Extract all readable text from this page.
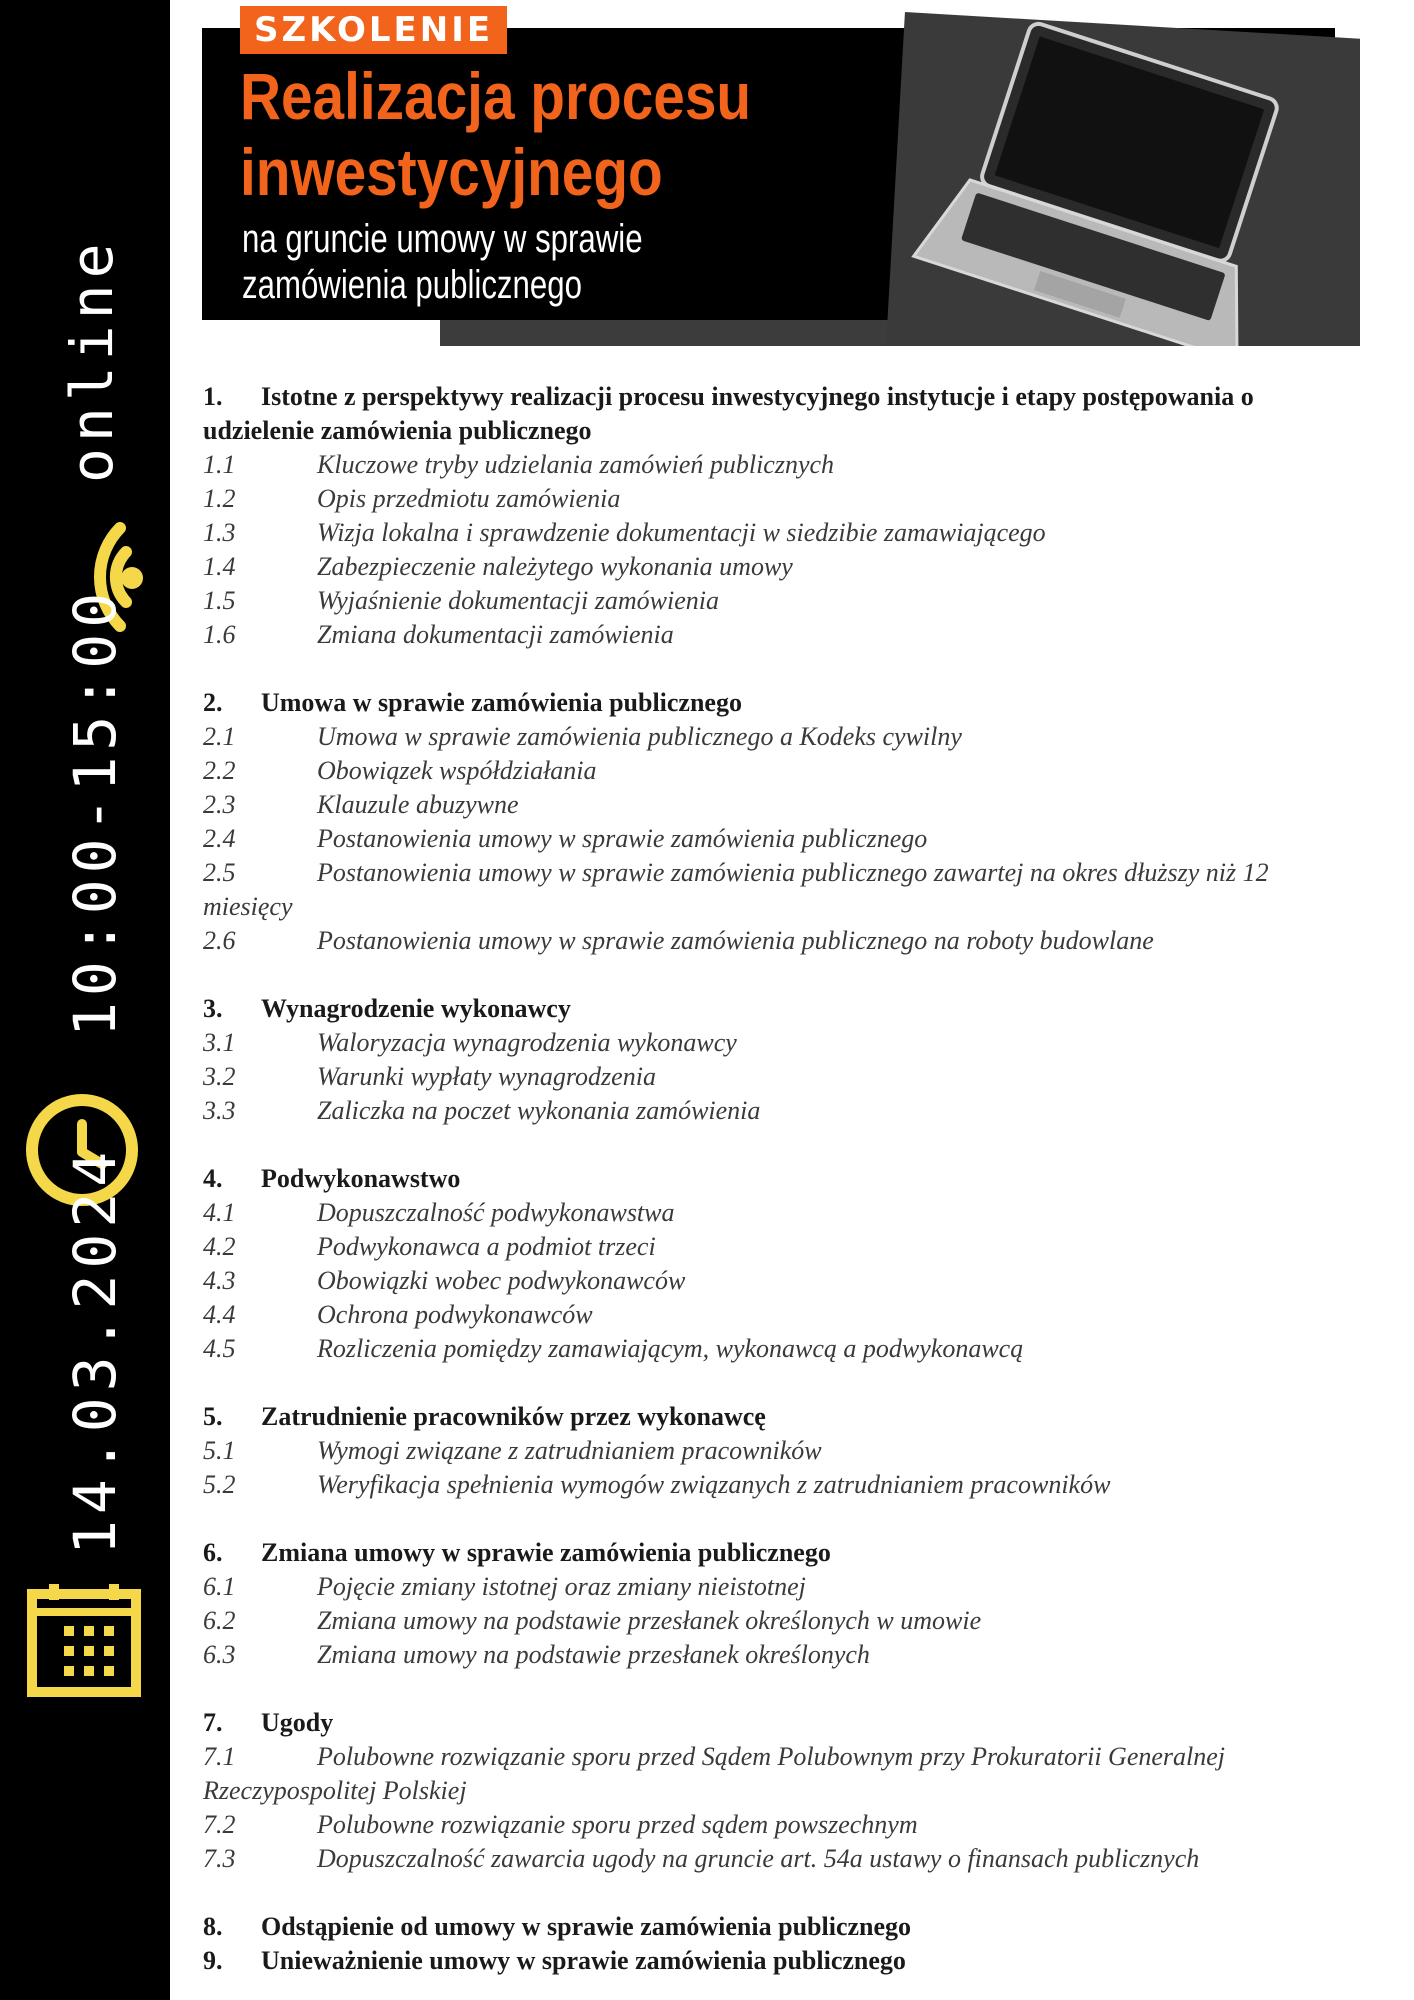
online
10:00-15:00
14.03.2024
SZKOLENIE
Realizacja procesu
inwestycyjnego
na gruncie umowy w sprawie zamówienia publicznego
1. Istotne z perspektywy realizacji procesu inwestycyjnego instytucje i etapy postępowania o udzielenie zamówienia publicznego
1.1	Kluczowe tryby udzielania zamówień publicznych
1.2	Opis przedmiotu zamówienia
1.3	Wizja lokalna i sprawdzenie dokumentacji w siedzibie zamawiającego
1.4	Zabezpieczenie należytego wykonania umowy
1.5	Wyjaśnienie dokumentacji zamówienia
1.6	Zmiana dokumentacji zamówienia
2. Umowa w sprawie zamówienia publicznego
2.1	Umowa w sprawie zamówienia publicznego a Kodeks cywilny
2.2	Obowiązek współdziałania
2.3	Klauzule abuzywne
2.4	Postanowienia umowy w sprawie zamówienia publicznego
2.5	Postanowienia umowy w sprawie zamówienia publicznego zawartej na okres dłuższy niż 12 miesięcy
2.6	Postanowienia umowy w sprawie zamówienia publicznego na roboty budowlane
3. Wynagrodzenie wykonawcy
3.1	Waloryzacja wynagrodzenia wykonawcy
3.2	Warunki wypłaty wynagrodzenia
3.3	Zaliczka na poczet wykonania zamówienia
4. Podwykonawstwo
4.1	Dopuszczalność podwykonawstwa
4.2	Podwykonawca a podmiot trzeci
4.3	Obowiązki wobec podwykonawców
4.4	Ochrona podwykonawców
4.5	Rozliczenia pomiędzy zamawiającym, wykonawcą a podwykonawcą
5. Zatrudnienie pracowników przez wykonawcę
5.1	Wymogi związane z zatrudnianiem pracowników
5.2	Weryfikacja spełnienia wymogów związanych z zatrudnianiem pracowników
6. Zmiana umowy w sprawie zamówienia publicznego
6.1	Pojęcie zmiany istotnej oraz zmiany nieistotnej
6.2	Zmiana umowy na podstawie przesłanek określonych w umowie
6.3	Zmiana umowy na podstawie przesłanek określonych
7. Ugody
7.1	Polubowne rozwiązanie sporu przed Sądem Polubownym przy Prokuratorii Generalnej Rzeczypospolitej Polskiej
7.2	Polubowne rozwiązanie sporu przed sądem powszechnym
7.3	Dopuszczalność zawarcia ugody na gruncie art. 54a ustawy o finansach publicznych
8. Odstąpienie od umowy w sprawie zamówienia publicznego
9. Unieważnienie umowy w sprawie zamówienia publicznego
